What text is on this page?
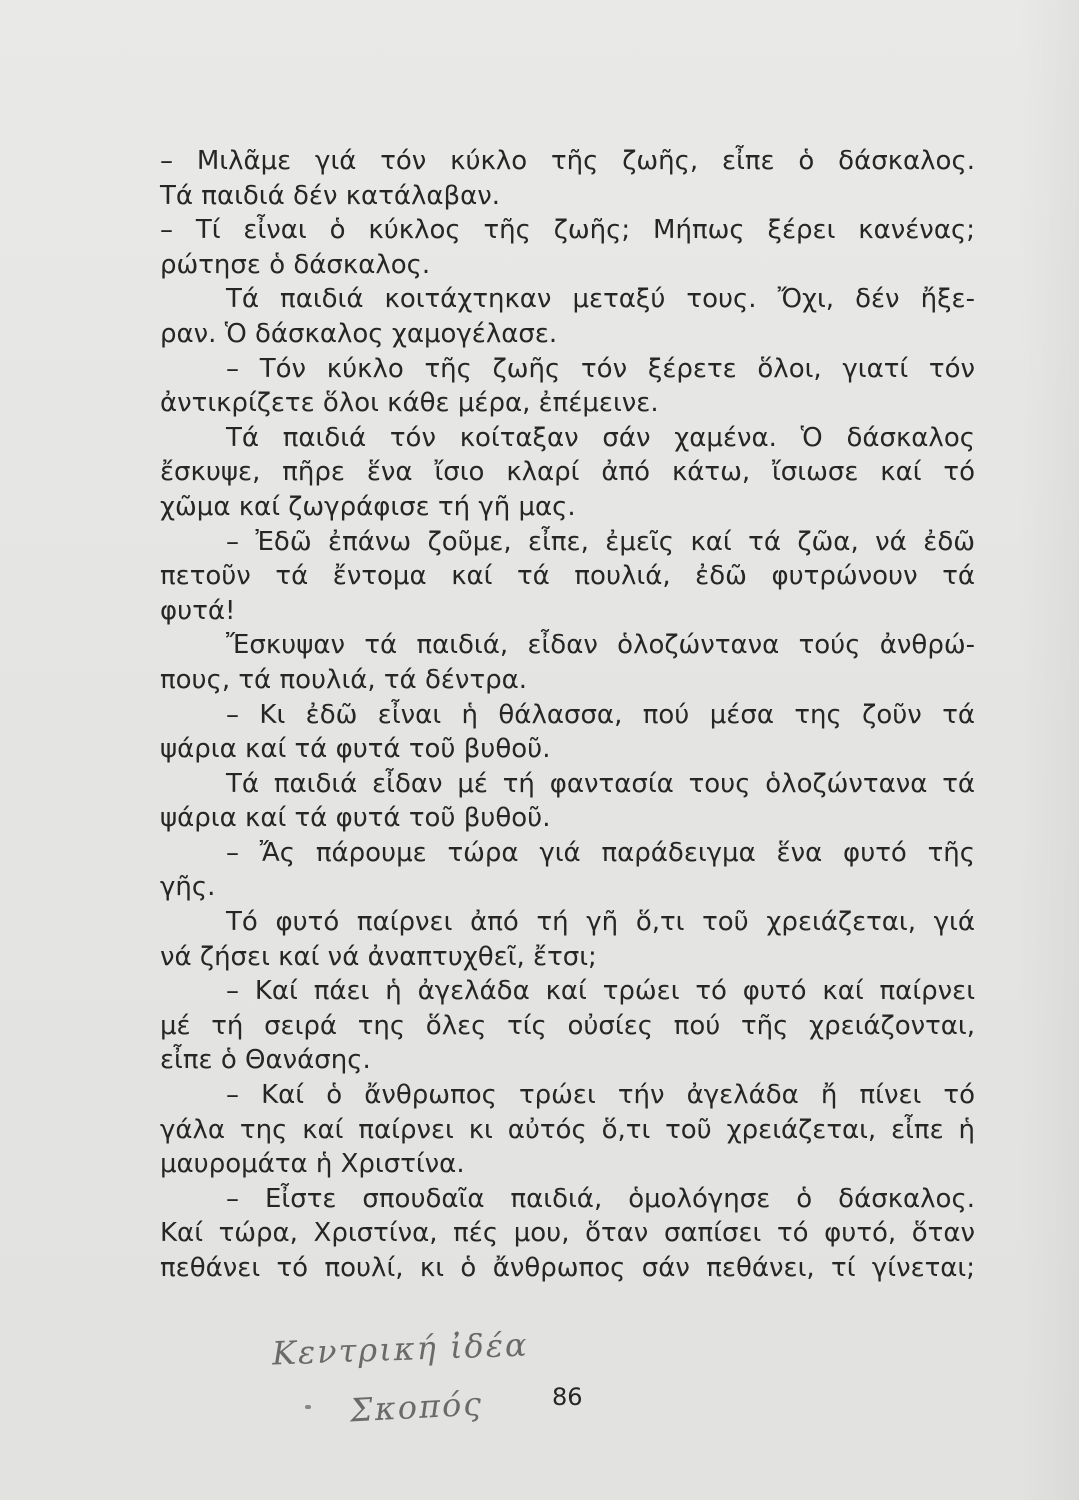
– Μιλᾶμε γιά τόν κύκλο τῆς ζωῆς, εἶπε ὁ δάσκαλος.
Τά παιδιά δέν κατάλαβαν.
– Τί εἶναι ὁ κύκλος τῆς ζωῆς; Μήπως ξέρει κανένας;
ρώτησε ὁ δάσκαλος.
Τά παιδιά κοιτάχτηκαν μεταξύ τους. Ὄχι, δέν ἤξε-
ραν. Ὁ δάσκαλος χαμογέλασε.
– Τόν κύκλο τῆς ζωῆς τόν ξέρετε ὅλοι, γιατί τόν
ἀντικρίζετε ὅλοι κάθε μέρα, ἐπέμεινε.
Τά παιδιά τόν κοίταξαν σάν χαμένα. Ὁ δάσκαλος
ἔσκυψε, πῆρε ἕνα ἴσιο κλαρί ἀπό κάτω, ἴσιωσε καί τό
χῶμα καί ζωγράφισε τή γῆ μας.
– Ἐδῶ ἐπάνω ζοῦμε, εἶπε, ἐμεῖς καί τά ζῶα, νά ἐδῶ
πετοῦν τά ἔντομα καί τά πουλιά, ἐδῶ φυτρώνουν τά
φυτά!
Ἔσκυψαν τά παιδιά, εἶδαν ὁλοζώντανα τούς ἀνθρώ-
πους, τά πουλιά, τά δέντρα.
– Κι ἐδῶ εἶναι ἡ θάλασσα, πού μέσα της ζοῦν τά
ψάρια καί τά φυτά τοῦ βυθοῦ.
Τά παιδιά εἶδαν μέ τή φαντασία τους ὁλοζώντανα τά
ψάρια καί τά φυτά τοῦ βυθοῦ.
– Ἄς πάρουμε τώρα γιά παράδειγμα ἕνα φυτό τῆς
γῆς.
Τό φυτό παίρνει ἀπό τή γῆ ὅ,τι τοῦ χρειάζεται, γιά
νά ζήσει καί νά ἀναπτυχθεῖ, ἔτσι;
– Καί πάει ἡ ἀγελάδα καί τρώει τό φυτό καί παίρνει
μέ τή σειρά της ὅλες τίς οὐσίες πού τῆς χρειάζονται,
εἶπε ὁ Θανάσης.
– Καί ὁ ἄνθρωπος τρώει τήν ἀγελάδα ἤ πίνει τό
γάλα της καί παίρνει κι αὐτός ὅ,τι τοῦ χρειάζεται, εἶπε ἡ
μαυρομάτα ἡ Χριστίνα.
– Εἶστε σπουδαῖα παιδιά, ὁμολόγησε ὁ δάσκαλος.
Καί τώρα, Χριστίνα, πές μου, ὅταν σαπίσει τό φυτό, ὅταν
πεθάνει τό πουλί, κι ὁ ἄνθρωπος σάν πεθάνει, τί γίνεται;
Κεντρική ἰδέα
Σκοπός	86
